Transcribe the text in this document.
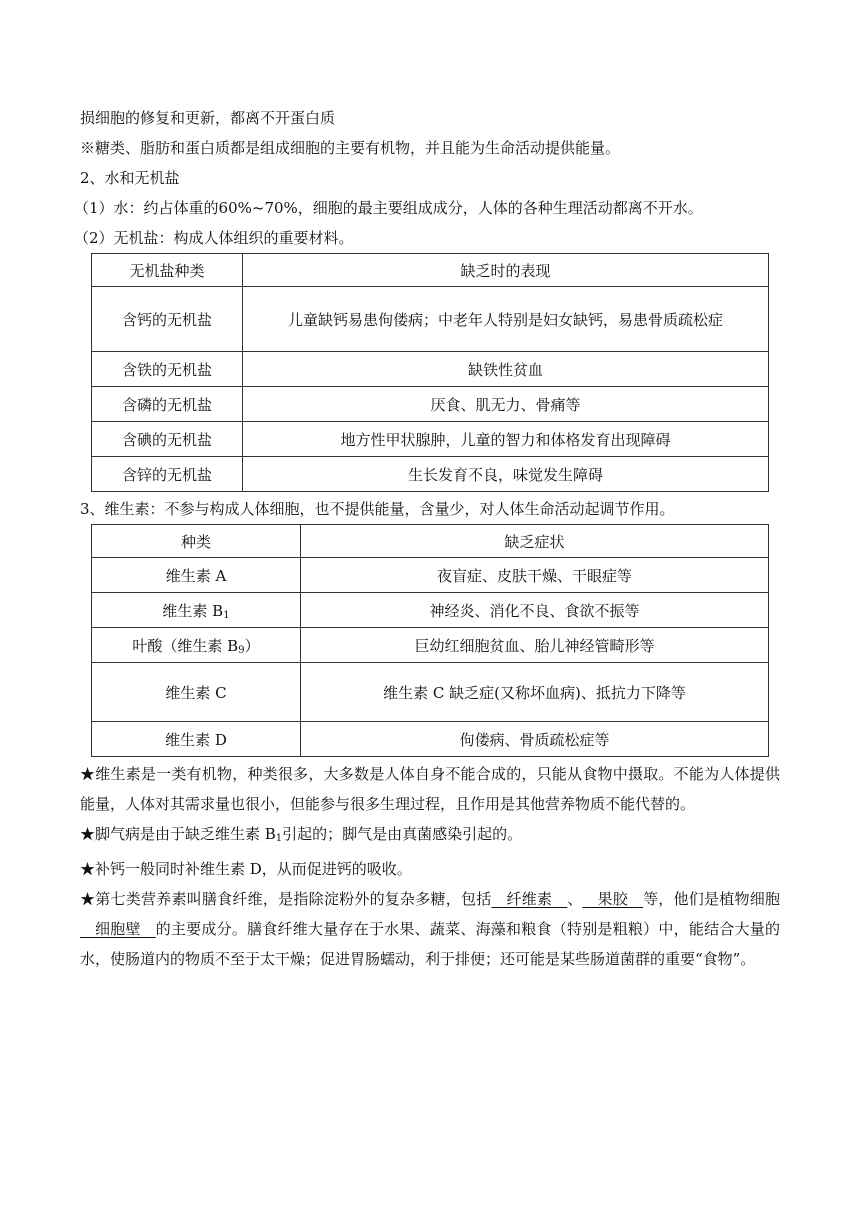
损细胞的修复和更新，都离不开蛋白质

※糖类、脂肪和蛋白质都是组成细胞的主要有机物，并且能为生命活动提供能量。

2、水和无机盐

（1）水：约占体重的60%~70%，细胞的最主要组成成分，人体的各种生理活动都离不开水。

（2）无机盐：构成人体组织的重要材料。

无机盐种类	缺乏时的表现
含钙的无机盐	儿童缺钙易患佝偻病；中老年人特别是妇女缺钙，易患骨质疏松症
含铁的无机盐	缺铁性贫血
含磷的无机盐	厌食、肌无力、骨痛等
含碘的无机盐	地方性甲状腺肿，儿童的智力和体格发育出现障碍
含锌的无机盐	生长发育不良，味觉发生障碍

3、维生素：不参与构成人体细胞，也不提供能量，含量少，对人体生命活动起调节作用。

种类	缺乏症状
维生素 A	夜盲症、皮肤干燥、干眼症等
维生素 $B_1$	神经炎、消化不良、食欲不振等
叶酸（维生素 $B_9$）	巨幼红细胞贫血、胎儿神经管畸形等
维生素 C	维生素 C 缺乏症(又称坏血病)、抵抗力下降等
维生素 D	佝偻病、骨质疏松症等

★维生素是一类有机物，种类很多，大多数是人体自身不能合成的，只能从食物中摄取。不能为人体提供能量，人体对其需求量也很小，但能参与很多生理过程，且作用是其他营养物质不能代替的。

★脚气病是由于缺乏维生素 $B_1$引起的；脚气是由真菌感染引起的。

★补钙一般同时补维生素 D，从而促进钙的吸收。

★第七类营养素叫膳食纤维，是指除淀粉外的复杂多糖，包括   纤维素   、   果胶   等，他们是植物细胞   细胞壁   的主要成分。膳食纤维大量存在于水果、蔬菜、海藻和粮食（特别是粗粮）中，能结合大量的水，使肠道内的物质不至于太干燥；促进胃肠蠕动，利于排便；还可能是某些肠道菌群的重要“食物”。
